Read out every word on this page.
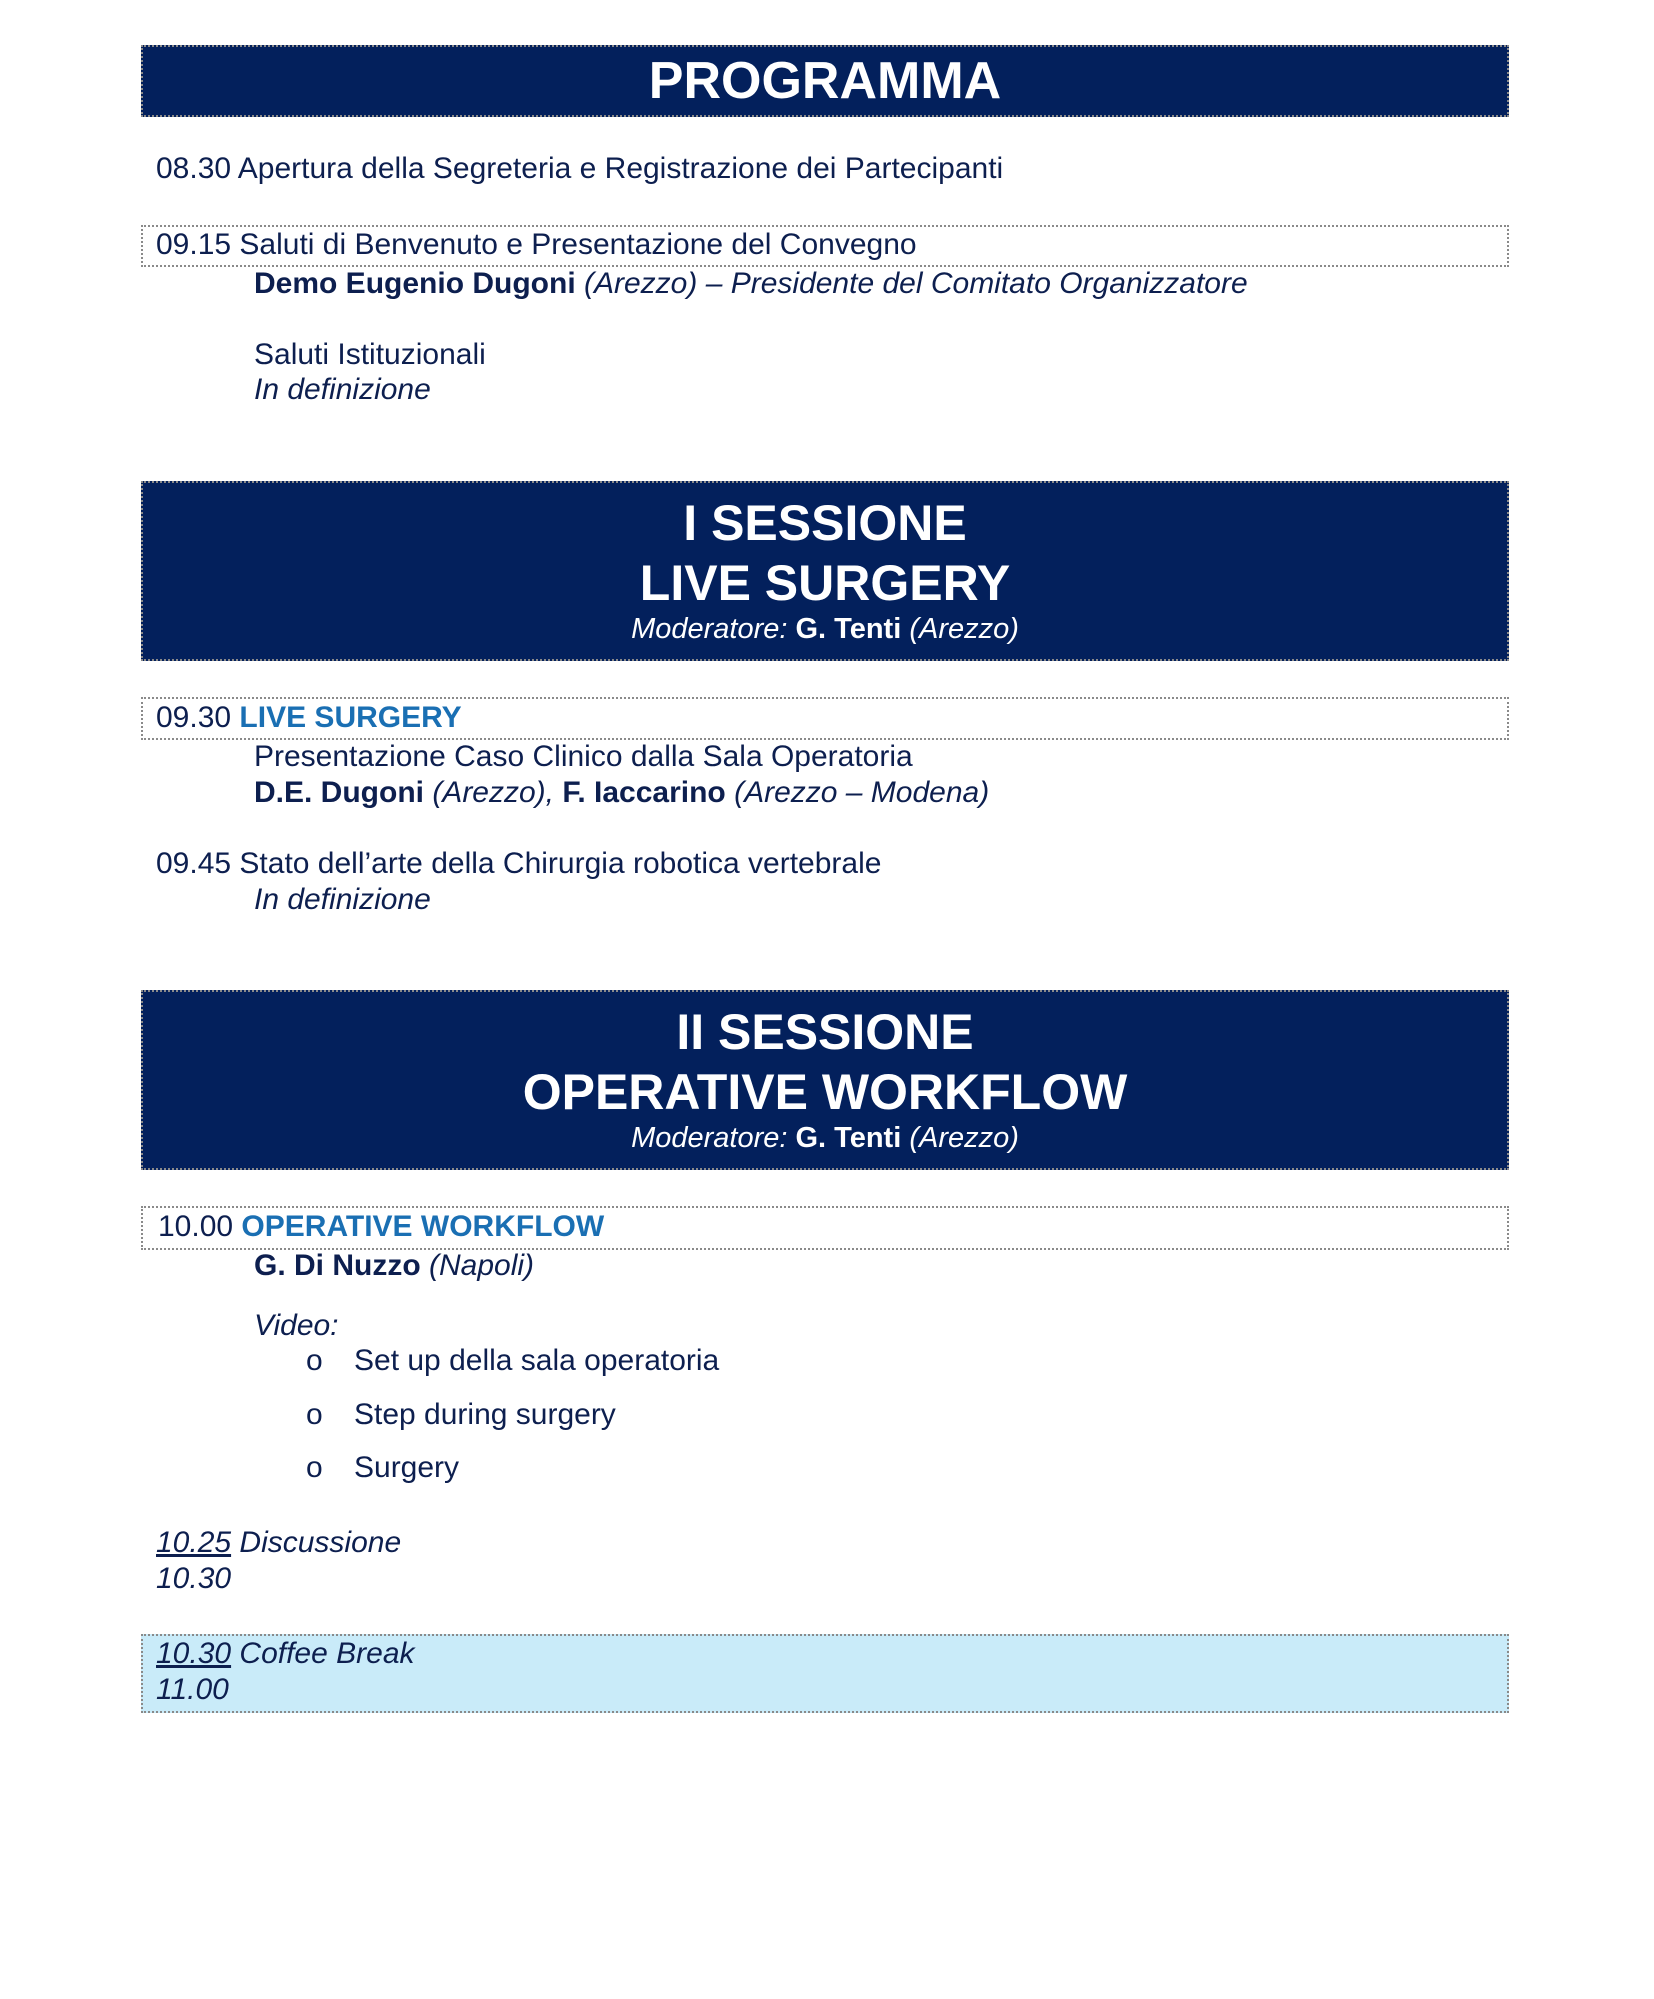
PROGRAMMA
08.30 Apertura della Segreteria e Registrazione dei Partecipanti
09.15 Saluti di Benvenuto e Presentazione del Convegno
Demo Eugenio Dugoni (Arezzo) – Presidente del Comitato Organizzatore
Saluti Istituzionali
In definizione
I SESSIONE
LIVE SURGERY
Moderatore: G. Tenti (Arezzo)
09.30 LIVE SURGERY
Presentazione Caso Clinico dalla Sala Operatoria
D.E. Dugoni (Arezzo), F. Iaccarino (Arezzo – Modena)
09.45 Stato dell’arte della Chirurgia robotica vertebrale
In definizione
II SESSIONE
OPERATIVE WORKFLOW
Moderatore: G. Tenti (Arezzo)
10.00 OPERATIVE WORKFLOW
G. Di Nuzzo (Napoli)
Video:
o Set up della sala operatoria
o Step during surgery
o Surgery
10.25 Discussione
10.30
10.30 Coffee Break
11.00
